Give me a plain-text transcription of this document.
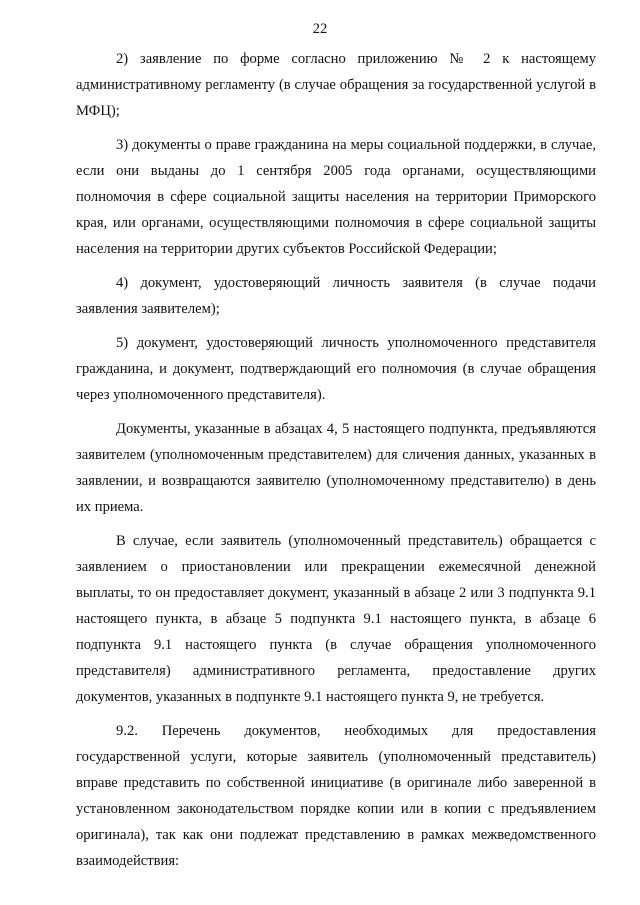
22

2) заявление по форме согласно приложению № 2 к настоящему административному регламенту (в случае обращения за государственной услугой в МФЦ);

3) документы о праве гражданина на меры социальной поддержки, в случае, если они выданы до 1 сентября 2005 года органами, осуществляющими полномочия в сфере социальной защиты населения на территории Приморского края, или органами, осуществляющими полномочия в сфере социальной защиты населения на территории других субъектов Российской Федерации;

4) документ, удостоверяющий личность заявителя (в случае подачи заявления заявителем);

5) документ, удостоверяющий личность уполномоченного представителя гражданина, и документ, подтверждающий его полномочия (в случае обращения через уполномоченного представителя).

Документы, указанные в абзацах 4, 5 настоящего подпункта, предъявляются заявителем (уполномоченным представителем) для сличения данных, указанных в заявлении, и возвращаются заявителю (уполномоченному представителю) в день их приема.

В случае, если заявитель (уполномоченный представитель) обращается с заявлением о приостановлении или прекращении ежемесячной денежной выплаты, то он предоставляет документ, указанный в абзаце 2 или 3 подпункта 9.1 настоящего пункта, в абзаце 5 подпункта 9.1 настоящего пункта, в абзаце 6 подпункта 9.1 настоящего пункта (в случае обращения уполномоченного представителя) административного регламента, предоставление других документов, указанных в подпункте 9.1 настоящего пункта 9, не требуется.

9.2. Перечень документов, необходимых для предоставления государственной услуги, которые заявитель (уполномоченный представитель) вправе представить по собственной инициативе (в оригинале либо заверенной в установленном законодательством порядке копии или в копии с предъявлением оригинала), так как они подлежат представлению в рамках межведомственного взаимодействия:
